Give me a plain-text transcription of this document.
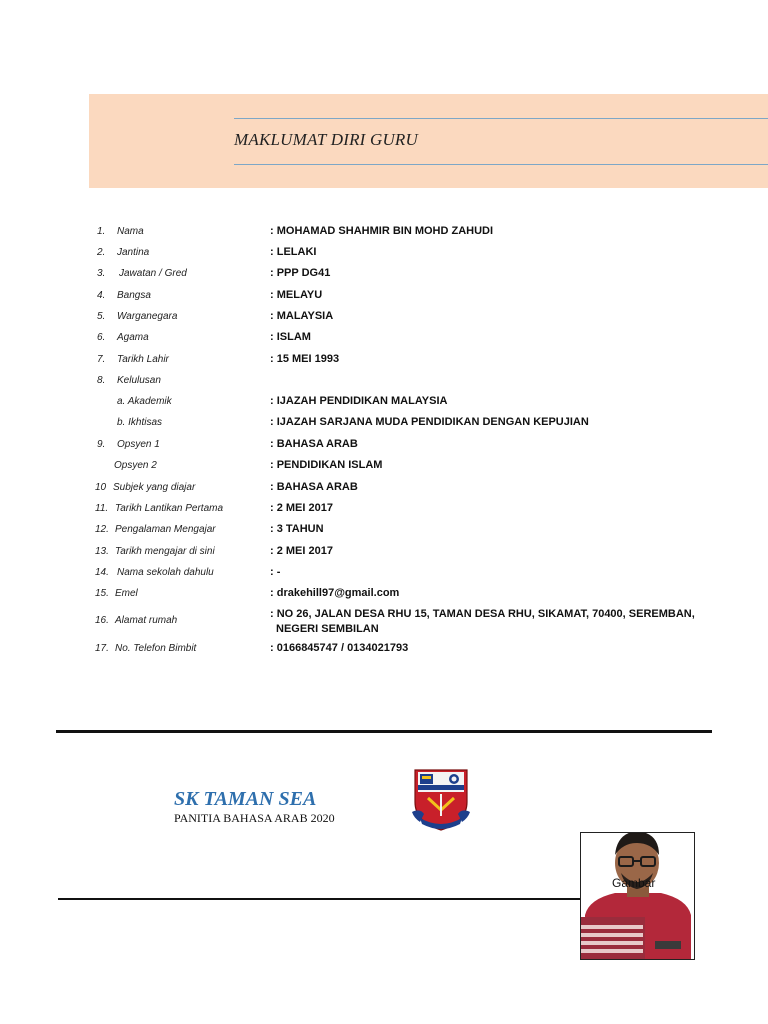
MAKLUMAT DIRI GURU
1. Nama	: MOHAMAD SHAHMIR BIN MOHD ZAHUDI
2. Jantina	: LELAKI
3. Jawatan / Gred	: PPP DG41
4. Bangsa	: MELAYU
5. Warganegara	: MALAYSIA
6. Agama	: ISLAM
7. Tarikh Lahir	: 15 MEI 1993
8. Kelulusan
a. Akademik	: IJAZAH PENDIDIKAN MALAYSIA
b. Ikhtisas	: IJAZAH SARJANA MUDA PENDIDIKAN DENGAN KEPUJIAN
9. Opsyen 1	: BAHASA ARAB
Opsyen 2	: PENDIDIKAN ISLAM
10 Subjek yang diajar	: BAHASA ARAB
11. Tarikh Lantikan Pertama	: 2 MEI 2017
12. Pengalaman Mengajar	: 3 TAHUN
13. Tarikh mengajar di sini	: 2 MEI 2017
14. Nama sekolah dahulu	: -
15. Emel	: drakehill97@gmail.com
16. Alamat rumah
: NO 26, JALAN DESA RHU 15, TAMAN DESA RHU, SIKAMAT, 70400, SEREMBAN,
NEGERI SEMBILAN
17. No. Telefon Bimbit	: 0166845747 / 0134021793
SK TAMAN SEA
PANITIA BAHASA ARAB 2020
Gambar
